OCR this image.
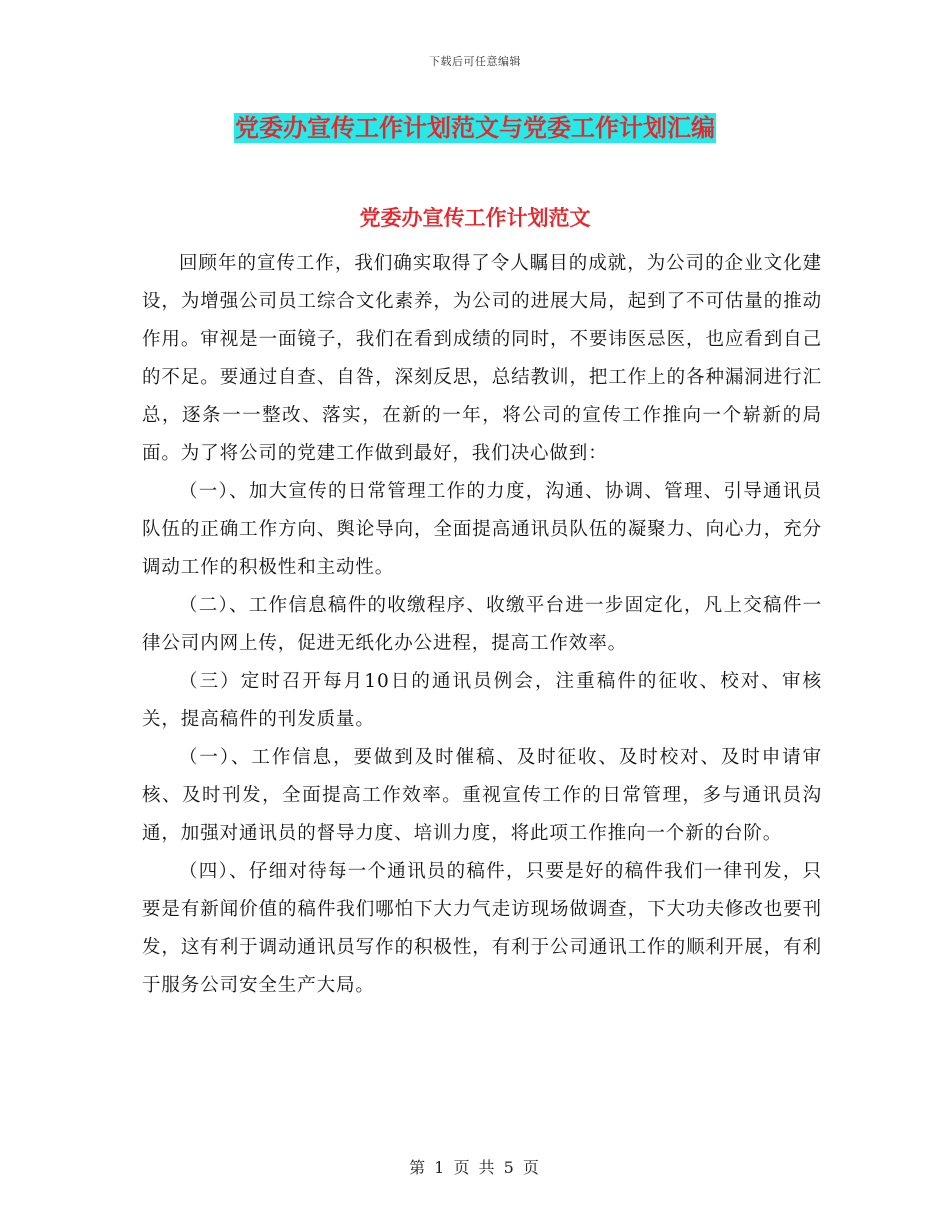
下载后可任意编辑
党委办宣传工作计划范文与党委工作计划汇编
党委办宣传工作计划范文

回顾年的宣传工作，我们确实取得了令人瞩目的成就，为公司的企业文化建设，为增强公司员工综合文化素养，为公司的进展大局，起到了不可估量的推动作用。审视是一面镜子，我们在看到成绩的同时，不要讳医忌医，也应看到自己的不足。要通过自查、自咎，深刻反思，总结教训，把工作上的各种漏洞进行汇总，逐条一一整改、落实，在新的一年，将公司的宣传工作推向一个崭新的局面。为了将公司的党建工作做到最好，我们决心做到：

（一）、加大宣传的日常管理工作的力度，沟通、协调、管理、引导通讯员队伍的正确工作方向、舆论导向，全面提高通讯员队伍的凝聚力、向心力，充分调动工作的积极性和主动性。

（二）、工作信息稿件的收缴程序、收缴平台进一步固定化，凡上交稿件一律公司内网上传，促进无纸化办公进程，提高工作效率。

（三）定时召开每月10日的通讯员例会，注重稿件的征收、校对、审核关，提高稿件的刊发质量。

（一）、工作信息，要做到及时催稿、及时征收、及时校对、及时申请审核、及时刊发，全面提高工作效率。重视宣传工作的日常管理，多与通讯员沟通，加强对通讯员的督导力度、培训力度，将此项工作推向一个新的台阶。

（四）、仔细对待每一个通讯员的稿件，只要是好的稿件我们一律刊发，只要是有新闻价值的稿件我们哪怕下大力气走访现场做调查，下大功夫修改也要刊发，这有利于调动通讯员写作的积极性，有利于公司通讯工作的顺利开展，有利于服务公司安全生产大局。

第 1 页 共 5 页
